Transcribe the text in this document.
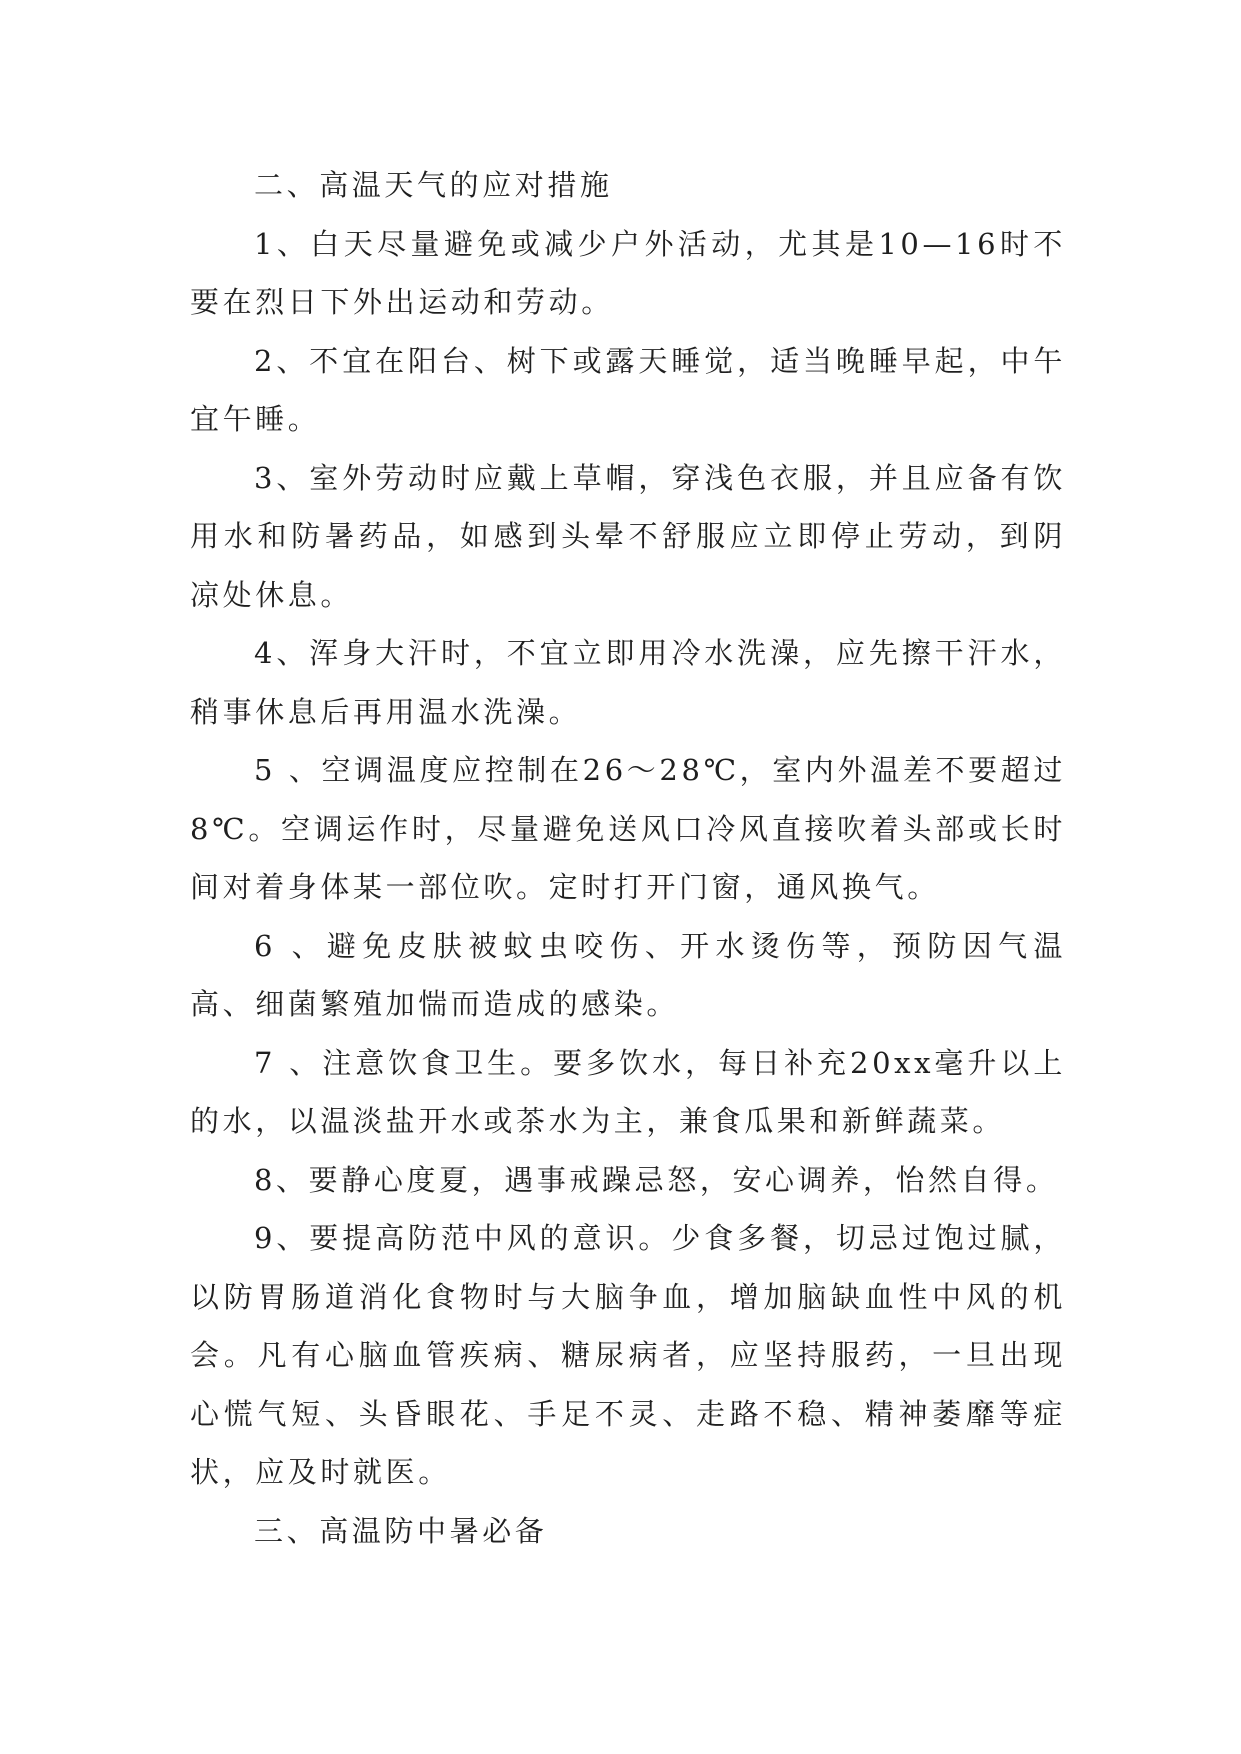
二、高温天气的应对措施

1、白天尽量避免或减少户外活动，尤其是10—16时不要在烈日下外出运动和劳动。

2、不宜在阳台、树下或露天睡觉，适当晚睡早起，中午宜午睡。

3、室外劳动时应戴上草帽，穿浅色衣服，并且应备有饮用水和防暑药品，如感到头晕不舒服应立即停止劳动，到阴凉处休息。

4、浑身大汗时，不宜立即用冷水洗澡，应先擦干汗水，稍事休息后再用温水洗澡。

5 、空调温度应控制在26～28℃，室内外温差不要超过8℃。空调运作时，尽量避免送风口冷风直接吹着头部或长时间对着身体某一部位吹。定时打开门窗，通风换气。

6 、避免皮肤被蚊虫咬伤、开水烫伤等，预防因气温高、细菌繁殖加惴而造成的感染。

7 、注意饮食卫生。要多饮水，每日补充20xx毫升以上的水，以温淡盐开水或茶水为主，兼食瓜果和新鲜蔬菜。

8、要静心度夏，遇事戒躁忌怒，安心调养，怡然自得。

9、要提高防范中风的意识。少食多餐，切忌过饱过腻，以防胃肠道消化食物时与大脑争血，增加脑缺血性中风的机会。凡有心脑血管疾病、糖尿病者，应坚持服药，一旦出现心慌气短、头昏眼花、手足不灵、走路不稳、精神萎靡等症状，应及时就医。

三、高温防中暑必备
